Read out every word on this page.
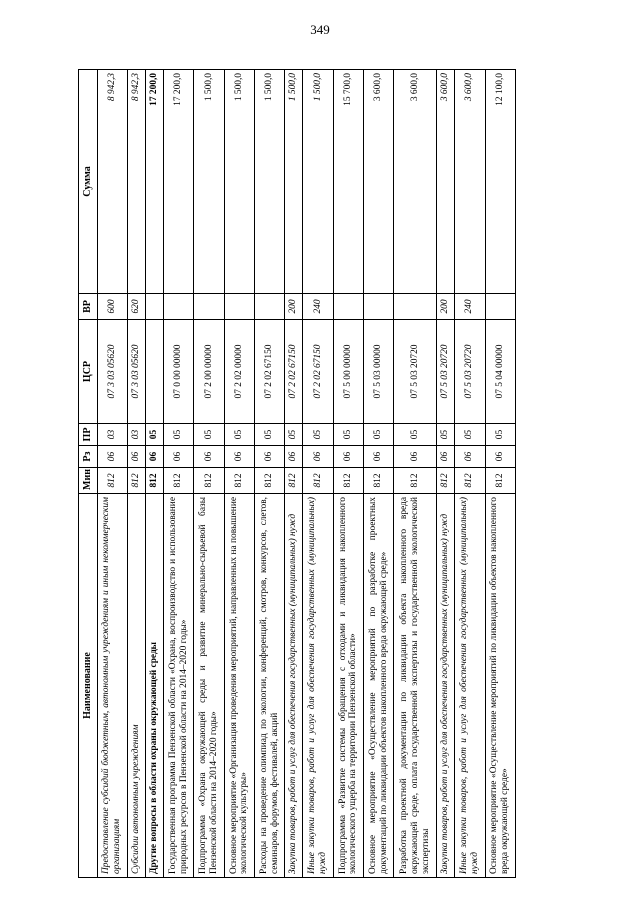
349
Наименование	Мин	Рз	ПР	ЦСР	ВР	Сумма
Предоставление субсидий бюджетным, автономным учреждениям и иным некоммерческим организациям	812	06	03	07 3 03 05620	600	8 942,3
Субсидии автономным учреждениям	812	06	03	07 3 03 05620	620	8 942,3
Другие вопросы в области охраны окружающей среды	812	06	05			17 200,0
Государственная программа Пензенской области «Охрана, воспроизводство и использование природных ресурсов в Пензенской области на 2014–2020 годы»	812	06	05	07 0 00 00000		17 200,0
Подпрограмма «Охрана окружающей среды и развитие минерально-сырьевой базы Пензенской области на 2014–2020 годы»	812	06	05	07 2 00 00000		1 500,0
Основное мероприятие «Организация проведения мероприятий, направленных на повышение экологической культуры»	812	06	05	07 2 02 00000		1 500,0
Расходы на проведение олимпиад по экологии, конференций, смотров, конкурсов, слетов, семинаров, форумов, фестивалей, акций	812	06	05	07 2 02 67150		1 500,0
Закупка товаров, работ и услуг для обеспечения государственных (муниципальных) нужд	812	06	05	07 2 02 67150	200	1 500,0
Иные закупки товаров, работ и услуг для обеспечения государственных (муниципальных) нужд	812	06	05	07 2 02 67150	240	1 500,0
Подпрограмма «Развитие системы обращения с отходами и ликвидация накопленного экологического ущерба на территории Пензенской области»	812	06	05	07 5 00 00000		15 700,0
Основное мероприятие «Осуществление мероприятий по разработке проектных документаций по ликвидации объектов накопленного вреда окружающей среде»	812	06	05	07 5 03 00000		3 600,0
Разработка проектной документации по ликвидации объекта накопленного вреда окружающей среде, оплата государственной экспертизы и государственной экологической экспертизы	812	06	05	07 5 03 20720		3 600,0
Закупка товаров, работ и услуг для обеспечения государственных (муниципальных) нужд	812	06	05	07 5 03 20720	200	3 600,0
Иные закупки товаров, работ и услуг для обеспечения государственных (муниципальных) нужд	812	06	05	07 5 03 20720	240	3 600,0
Основное мероприятие «Осуществление мероприятий по ликвидации объектов накопленного вреда окружающей среде»	812	06	05	07 5 04 00000		12 100,0
